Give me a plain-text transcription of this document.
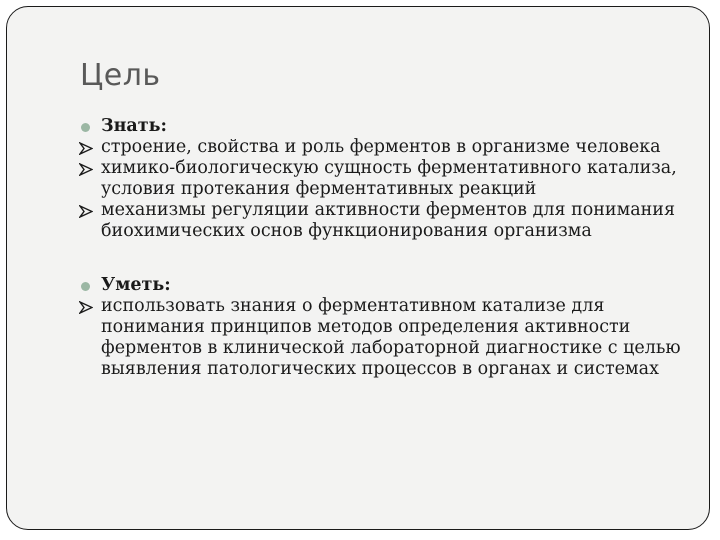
Цель
Знать:
строение, свойства и роль ферментов в организме человека
химико-биологическую сущность ферментативного катализа, условия протекания ферментативных реакций
механизмы регуляции активности ферментов для понимания биохимических основ функционирования организма
Уметь:
использовать знания о ферментативном катализе для понимания принципов методов определения активности ферментов в клинической лабораторной диагностике с целью выявления патологических процессов в органах и системах
